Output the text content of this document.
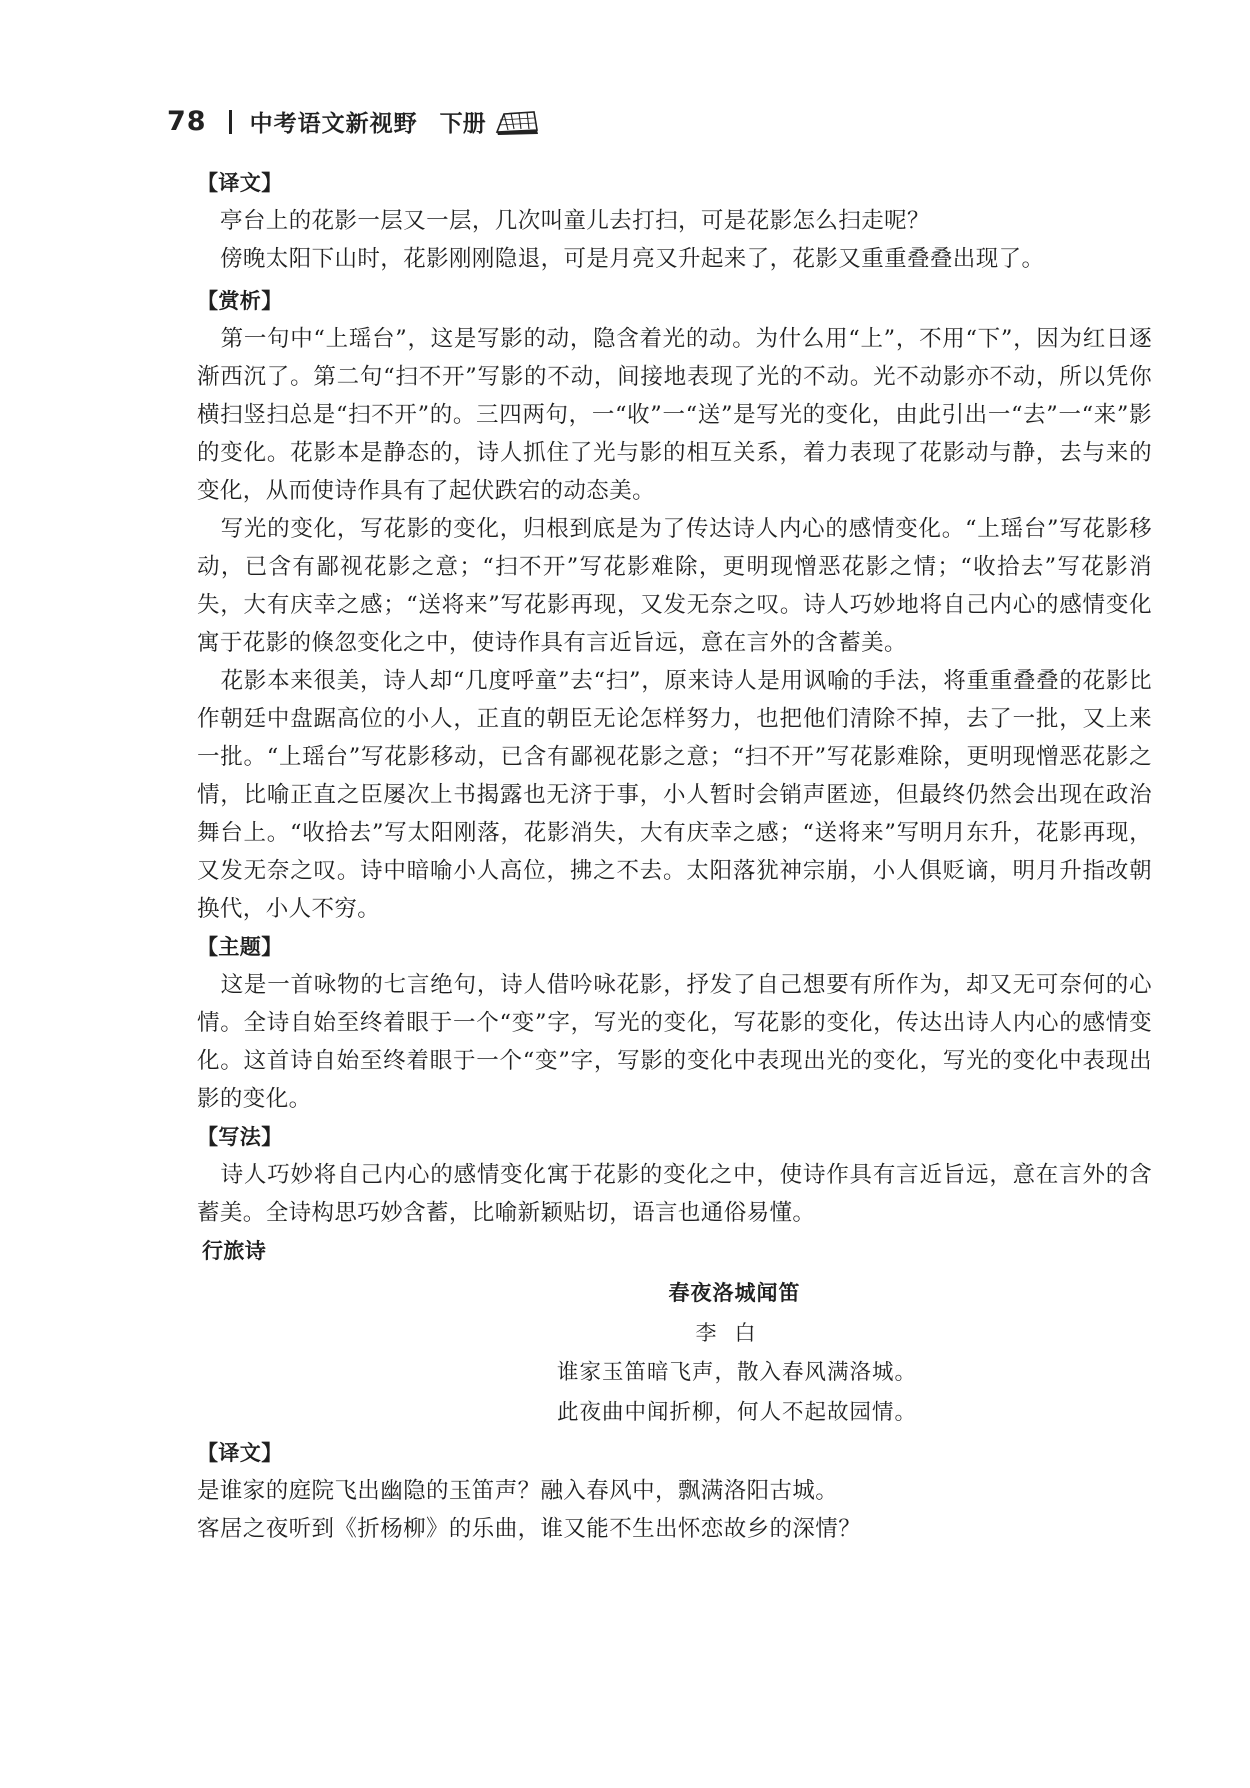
78 中考语文新视野 下册
【译文】

亭台上的花影一层又一层，几次叫童儿去打扫，可是花影怎么扫走呢？

傍晚太阳下山时，花影刚刚隐退，可是月亮又升起来了，花影又重重叠叠出现了。

【赏析】

第一句中“上瑶台”，这是写影的动，隐含着光的动。为什么用“上”，不用“下”，因为红日逐渐西沉了。第二句“扫不开”写影的不动，间接地表现了光的不动。光不动影亦不动，所以凭你横扫竖扫总是“扫不开”的。三四两句，一“收”一“送”是写光的变化，由此引出一“去”一“来”影的变化。花影本是静态的，诗人抓住了光与影的相互关系，着力表现了花影动与静，去与来的变化，从而使诗作具有了起伏跌宕的动态美。

写光的变化，写花影的变化，归根到底是为了传达诗人内心的感情变化。“上瑶台”写花影移动，已含有鄙视花影之意；“扫不开”写花影难除，更明现憎恶花影之情；“收拾去”写花影消失，大有庆幸之感；“送将来”写花影再现，又发无奈之叹。诗人巧妙地将自己内心的感情变化寓于花影的倏忽变化之中，使诗作具有言近旨远，意在言外的含蓄美。

花影本来很美，诗人却“几度呼童”去“扫”，原来诗人是用讽喻的手法，将重重叠叠的花影比作朝廷中盘踞高位的小人，正直的朝臣无论怎样努力，也把他们清除不掉，去了一批，又上来一批。“上瑶台”写花影移动，已含有鄙视花影之意；“扫不开”写花影难除，更明现憎恶花影之情，比喻正直之臣屡次上书揭露也无济于事，小人暂时会销声匿迹，但最终仍然会出现在政治舞台上。“收拾去”写太阳刚落，花影消失，大有庆幸之感；“送将来”写明月东升，花影再现，又发无奈之叹。诗中暗喻小人高位，拂之不去。太阳落犹神宗崩，小人俱贬谪，明月升指改朝换代，小人不穷。

【主题】

这是一首咏物的七言绝句，诗人借吟咏花影，抒发了自己想要有所作为，却又无可奈何的心情。全诗自始至终着眼于一个“变”字，写光的变化，写花影的变化，传达出诗人内心的感情变化。这首诗自始至终着眼于一个“变”字，写影的变化中表现出光的变化，写光的变化中表现出影的变化。

【写法】

诗人巧妙将自己内心的感情变化寓于花影的变化之中，使诗作具有言近旨远，意在言外的含蓄美。全诗构思巧妙含蓄，比喻新颖贴切，语言也通俗易懂。

行旅诗
春夜洛城闻笛
李白
谁家玉笛暗飞声，散入春风满洛城。
此夜曲中闻折柳，何人不起故园情。
【译文】

是谁家的庭院飞出幽隐的玉笛声？融入春风中，飘满洛阳古城。

客居之夜听到《折杨柳》的乐曲，谁又能不生出怀恋故乡的深情？
